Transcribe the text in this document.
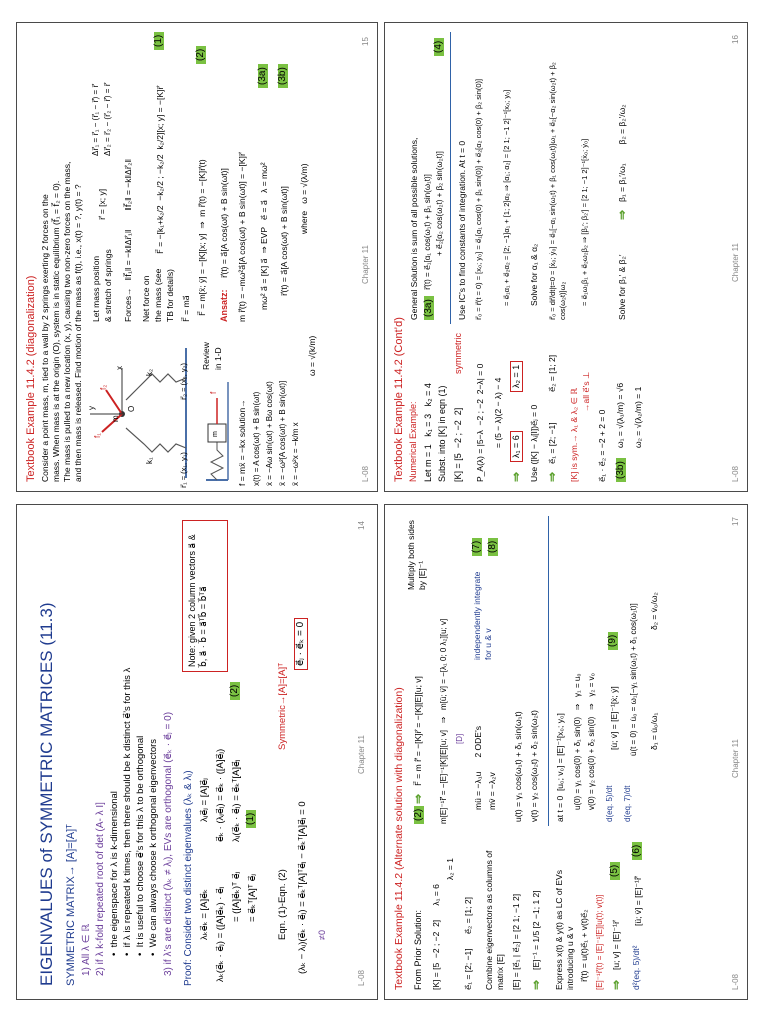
EIGENVALUES of SYMMETRIC MATRICES (11.3) SYMMETRIC MATRIX→ [A]=[A]ᵀ 1) All λ ∈ ℝ 2) if λ k-fold repeated root of det (A- λ I] •  the eigenspace for λ is k-dimensional •  if λ is repeated k times, then there should be k distinct e⃗’s for this λ •  It is useful to choose e⃗’s for this λ to be orthogonal •  We can always choose k orthogonal eigenvectors 3) if λ’s are distinct (λₖ ≠ λⱼ), EVs are orthogonal (e⃗ₖ · e⃗ⱼ = 0) Proof: Consider two distinct eigenvalues (λₖ & λⱼ) λₖe⃗ₖ = [A]e⃗ₖ
λⱼe⃗ⱼ = [A]e⃗ⱼ
λₖ(e⃗ₖ · e⃗ⱼ) = ([A]e⃗ₖ) · e⃗ⱼ
e⃗ₖ · (λⱼe⃗ⱼ) = e⃗ₖ · ([A]e⃗ⱼ)
= ([A]e⃗ₖ)ᵀ e⃗ⱼ
λⱼ(e⃗ₖ · e⃗ⱼ) = e⃗ₖᵀ[A]e⃗ⱼ
(2)
= e⃗ₖᵀ[A]ᵀ e⃗ⱼ
(1)
Note: given 2 column vectors a⃗ & b⃗, a⃗ · b⃗ = a⃗ᵀb⃗ = b⃗ᵀa⃗
Eqn. (1)-Eqn. (2)
Symmetric→[A]=[A]ᵀ
(λₖ − λⱼ)(e⃗ₖ · e⃗ⱼ) = e⃗ₖᵀ[A]ᵀe⃗ⱼ − e⃗ₖᵀ[A]e⃗ⱼ = 0 ≠0
e⃗ⱼ · e⃗ₖ = 0
L-08
Chapter 11
14
Textbook Example 11.4.2 (diagonalization) Consider a point mass, m, tied to a wall by 2 springs exerting 2 forces on the mass. When mass is at the origin (O), system is in static equilibrium (f⃗₁ = f⃗₂ = 0). The mass is pulled to a new location (x, y), causing two non-zero forces on the mass, and then mass is released. Find motion of the mass as f(t), i.e., x(t) = ?, y(t) = ? f₁
f₂
m
x
y	O
k₁
k₂
r⃗₁ = (x₁, y₁)
r⃗₂ = (x₂, y₂)
m
f
Review in 1-D
f = mẍ = −kx solution→ x(t) = A cos(ωt) + B sin(ωt) ẋ = −Aω sin(ωt) + Bω cos(ωt) ẍ = −ω²[A cos(ωt) + B sin(ωt)] ẍ = −ω²x = −k/m x
ω = √(k/m)
Let mass position & stretch of springs
r⃗ = [x; y]
Δr⃗₁ = r⃗₁ − (r⃗₁ − r⃗) = r⃗ Δr⃗₂ = r⃗₂ − (r⃗₂ − r⃗) = r⃗
Forces→   ‖f⃗₁‖ = −k‖Δr⃗₁‖        ‖f⃗₂‖ = −k‖Δr⃗₂‖ Net force on the mass (see TB for details)
F⃗ = −[k₁+k₂/2  −k₂/2 ; −k₂/2  k₂/2][x; y] = −[K]r⃗
(1)
F⃗ = ma⃗ F⃗ = m[ẍ; ÿ] = −[K][x; y]  ⇒  m r⃗̈(t) = −[K]r⃗(t)
(2)
Ansatz:
r⃗(t) = a⃗[A cos(ωt) + B sin(ωt)] m r⃗̈(t) = −mω²a⃗[A cos(ωt) + B sin(ωt)] = −[K]r⃗ mω² a⃗ = [K] a⃗  ⇒ EVP   e⃗ = a⃗   λ = mω²
(3a)
r⃗(t) = a⃗[A cos(ωt) + B sin(ωt)]
(3b)
where   ω = √(λ/m)
L-08
Chapter 11
15
Textbook Example 11.4.2 (Cont’d) Numerical Example: Let m = 1   k₁ = 3   k₂ = 4 Subst. into [K] in eqn (1) [K] = [5  −2 ; −2  2]
symmetric
P_A(λ) = |5−λ  −2 ; −2  2−λ| = 0 = (5 − λ)(2 − λ) − 4
⇒
λ₁ = 6
λ₂ = 1
Use ([K] − λⱼ[I])e⃗ⱼ = 0 ⇒
e⃗₁ = [2; −1]
e⃗₂ = [1; 2]
[K] is sym.→ λ₁ & λ₂ ∈ ℝ →all e⃗’s ⊥
e⃗₁ · e⃗₂ = −2 + 2 = 0 (3b)
ω₁ = √(λ₁/m) = √6 ω₂ = √(λ₂/m) = 1
General Solution is sum of all possible solutions, (3a)
r⃗(t) = e⃗₁[α₁ cos(ω₁t) + β₁ sin(ω₁t)] + e⃗₂[α₂ cos(ω₂t) + β₂ sin(ω₂t)]
(4)
Use IC’s to find constants of integration. At t = 0 r⃗₀ = r⃗(t = 0) = [x₀; y₀] = e⃗₁[α₁ cos(0) + β₁ sin(0)] + e⃗₂[α₂ cos(0) + β₂ sin(0)]	= e⃗₁α₁ + e⃗₂α₂ = [2; −1]α₁ + [1; 2]α₂ ⇒ [α₁; α₂] = [2 1; −1 2]⁻¹[x₀; y₀] Solve for α₁ & α₂ r⃗̇₀ = dr⃗/dt|t=0 = [ẋ₀; ẏ₀] = e⃗₁[−α₁ sin(ω₁t) + β₁ cos(ω₁t)]ω₁ + e⃗₂[−α₂ sin(ω₂t) + β₂ cos(ω₂t)]ω₂ = e⃗₁ω₁β₁ + e⃗₂ω₂β₂ ⇒ [β₁′; β₂′] = [2 1; −1 2]⁻¹[ẋ₀; ẏ₀]	Solve for β₁′ & β₂′
⇒
β₁ = β₁′/ω₁        β₂ = β₂′/ω₂
L-08
Chapter 11
16
Textbook Example 11.4.2 (Alternate solution with diagonalization) From Prior Solution: [K] = [5  −2 ; −2  2]      λ₁ = 6
λ₂ = 1
e⃗₁ = [2; −1]      e⃗₂ = [1; 2] Combine eigenvectors as columns of matrix [E] [E] = [e⃗₁ | e⃗₂] = [2 1; −1 2] ⇒
[E]⁻¹ = 1/5 [2 −1; 1 2] Express x(t) & y(t) as LC of EVs introducing u & v r⃗(t) = u(t)e⃗₁ + v(t)e⃗₂ [E]⁻¹r⃗(t) = [E]⁻¹[E][u(t); v(t)] ⇒
[u; v] = [E]⁻¹r⃗
(5)
d²(eq. 5)/dt²
[ü; v̈] = [E]⁻¹r⃗̈
(6)
(2)
⇒
F⃗ = m r⃗̈ = −[K]r⃗ = −[K][E][u; v]
Multiply both sides by [E]⁻¹
m[E]⁻¹r⃗̈ = −[E]⁻¹[K][E][u; v]   ⇒   m[ü; v̈] = −[λ₁ 0; 0 λ₂][u; v] [D] mü = −λ₁u      2 ODE’s mv̈ = −λ₂v
independently integrate for u & v
(7) (8)
u(t) = γ₁ cos(ω₁t) + δ₁ sin(ω₁t) v(t) = γ₂ cos(ω₂t) + δ₂ sin(ω₂t) at t = 0  [u₀; v₀] = [E]⁻¹[x₀; y₀] u(0) = γ₁ cos(0) + δ₁ sin(0)   ⇒   γ₁ = u₀ v(0) = γ₂ cos(0) + δ₂ sin(0)   ⇒   γ₂ = v₀ d(eq. 5)/dt
[u̇; v̇] = [E]⁻¹[ẋ; ẏ]
(9)
d(eq. 7)/dt
u̇(t = 0) = u̇₀ = ω₁[−γ₁ sin(ω₁t) + δ₁ cos(ω₁t)] δ₁ = u̇₀/ω₁
δ₂ = v̇₀/ω₂
L-08
Chapter 11
17
